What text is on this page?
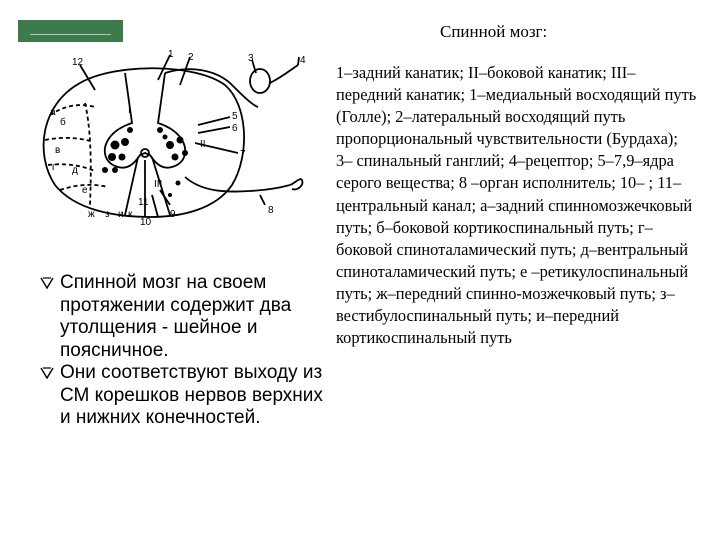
12
1 2	3	4
5
6
7
8
9
10
11
I
II
III
а
б
в
г д
е
ж з и к
Спинной мозг на своем протяжении содержит два утолщения - шейное и поясничное.
Они соответствуют выходу из СМ корешков нервов верхних и нижних конечностей.
Спинной мозг:

1–задний канатик; II–боковой канатик; III–передний канатик; 1–медиальный восходящий путь (Голле); 2–латеральный восходящий путь пропорциональный чувствительности (Бурдаха); 3– спинальный ганглий; 4–рецептор; 5–7,9–ядра серого вещества; 8 –орган исполнитель; 10– ; 11–центральный канал; а–задний спинномозжечковый путь; б–боковой кортикоспинальный путь; г–боковой спиноталамический путь; д–вентральный спиноталамический путь; е –ретикулоспинальный путь; ж–передний спинно-мозжечковый путь; з–вестибулоспинальный путь; и–передний кортикоспинальный путь
